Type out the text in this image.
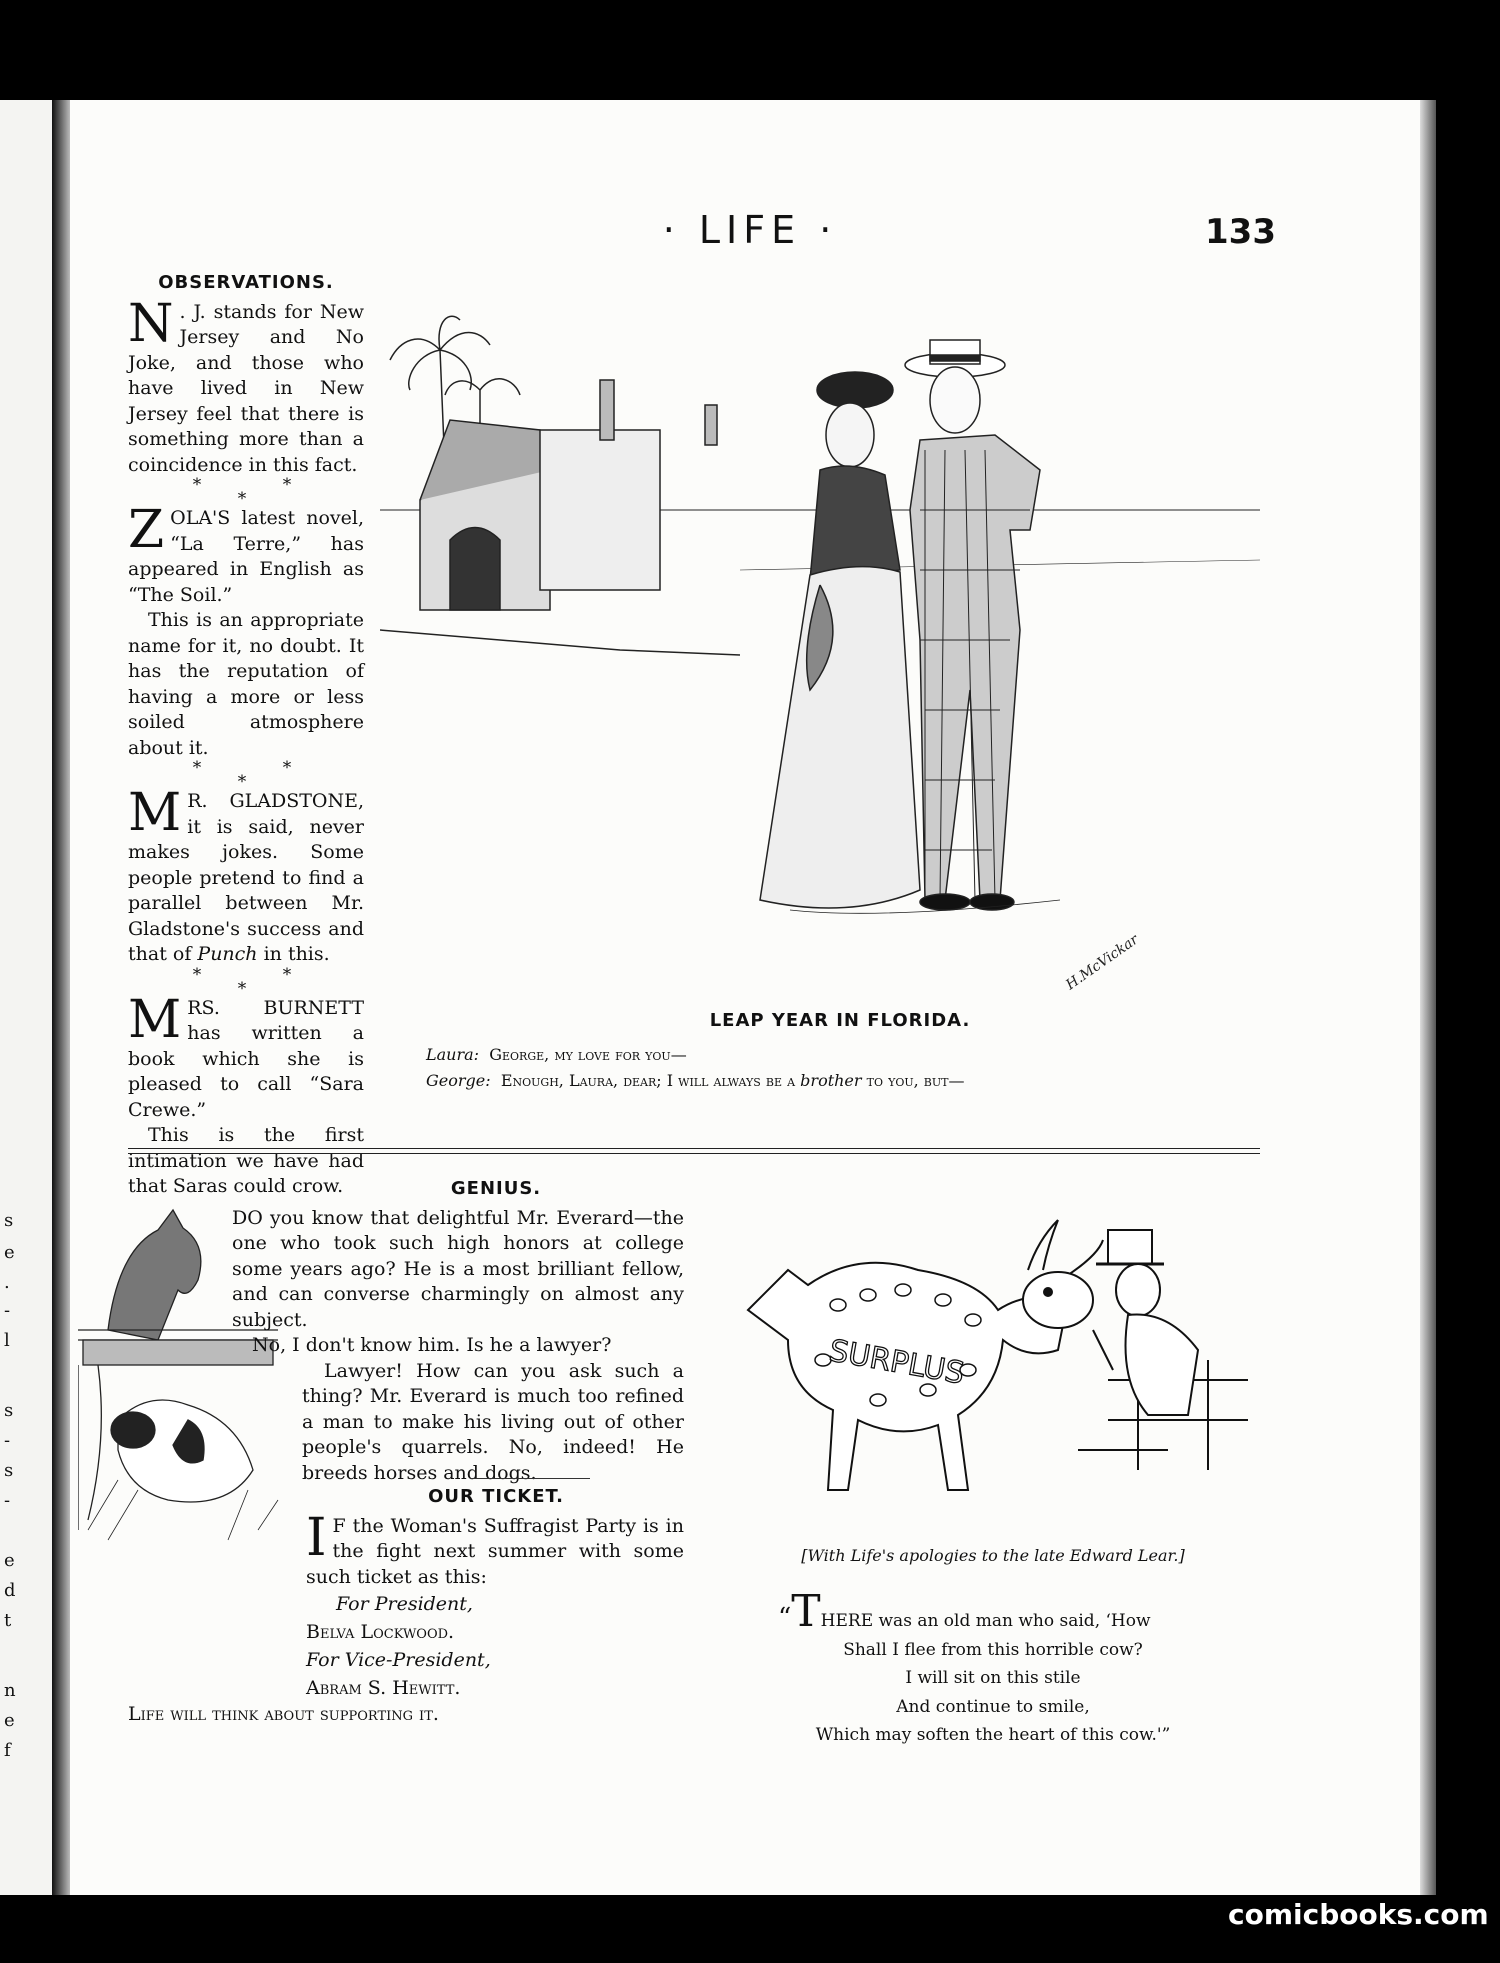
s
e
.
-
l
s
-
s
-
e
d
t
n
e
f
· LIFE ·	133
OBSERVATIONS.

N . J. stands for New Jersey and No Joke, and those who have lived in New Jersey feel that there is something more than a coincidence in this fact.

* * *

ZOLA'S latest novel, “La Terre,” has appeared in English as “The Soil.”

This is an appropriate name for it, no doubt. It has the reputation of having a more or less soiled atmosphere about it.

* * *

M R. GLADSTONE, it is said, never makes jokes. Some people pretend to find a parallel between Mr. Gladstone's success and that of Punch in this.

* * *

MRS. BURNETT has written a book which she is pleased to call “Sara Crewe.”

This is the first intimation we have had that Saras could crow.

H.McVickar
LEAP YEAR IN FLORIDA.
Laura: George, my love for you—
George: Enough, Laura, dear; I will always be a brother to you, but—
GENIUS.

DO you know that delightful Mr. Everard—the one who took such high honors at college some years ago? He is a most brilliant fellow, and can converse charmingly on almost any subject.

No, I don't know him. Is he a lawyer?

Lawyer! How can you ask such a thing? Mr. Everard is much too refined a man to make his living out of other people's quarrels. No, indeed! He breeds horses and dogs.

OUR TICKET.

I F the Woman's Suffragist Party is in the fight next summer with some such ticket as this:

For President,
Belva Lockwood.
For Vice-President,
Abram S. Hewitt.

Life will think about supporting it.

SURPLUS
[With Life's apologies to the late Edward Lear.]
“THERE was an old man who said, ‘How
Shall I flee from this horrible cow?
I will sit on this stile
And continue to smile,
Which may soften the heart of this cow.'”
comicbooks.com
